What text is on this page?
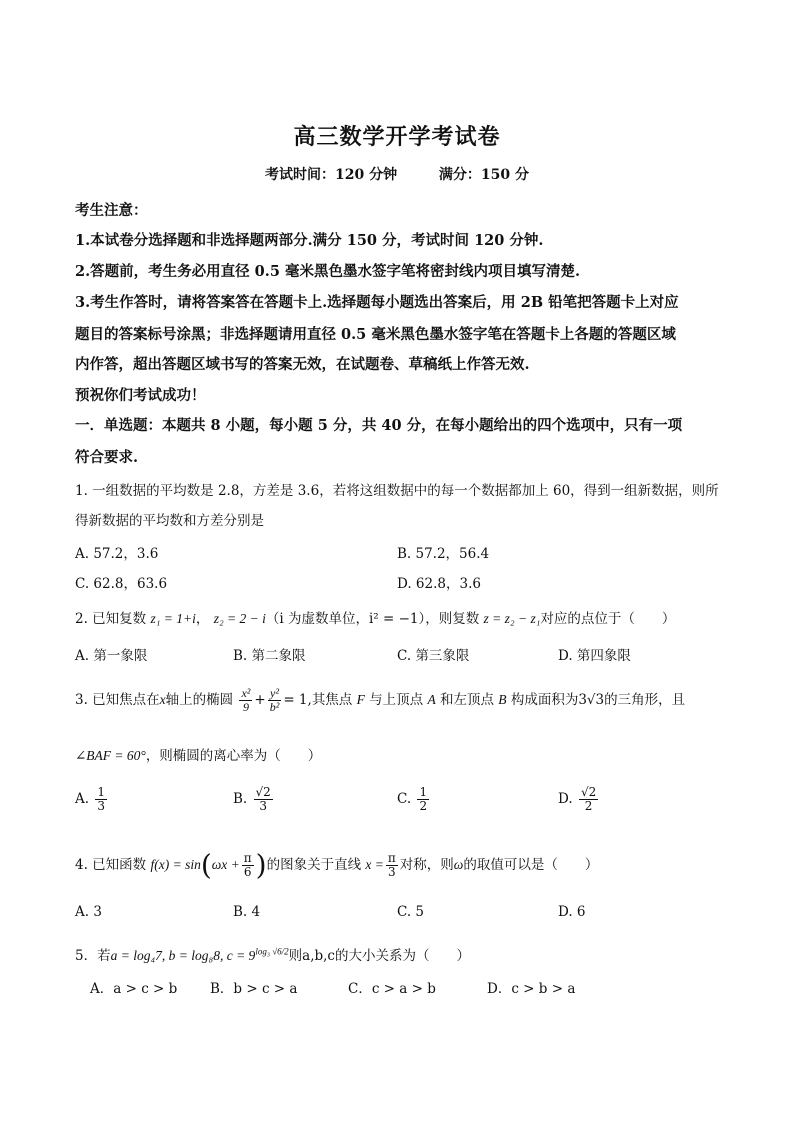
高三数学开学考试卷
考试时间：120 分钟	满分：150 分
考生注意：
1.本试卷分选择题和非选择题两部分.满分 150 分，考试时间 120 分钟.
2.答题前，考生务必用直径 0.5 毫米黑色墨水签字笔将密封线内项目填写清楚.
3.考生作答时，请将答案答在答题卡上.选择题每小题选出答案后，用 2B 铅笔把答题卡上对应
题目的答案标号涂黑；非选择题请用直径 0.5 毫米黑色墨水签字笔在答题卡上各题的答题区域
内作答，超出答题区域书写的答案无效，在试题卷、草稿纸上作答无效.
预祝你们考试成功！
一．单选题：本题共 8 小题，每小题 5 分，共 40 分，在每小题给出的四个选项中，只有一项
符合要求.
1. 一组数据的平均数是 2.8，方差是 3.6，若将这组数据中的每一个数据都加上 60，得到一组新数据，则所
得新数据的平均数和方差分别是
A. 57.2，3.6	B. 57.2，56.4
C. 62.8，63.6	D. 62.8，3.6
2. 已知复数 z₁ = 1+i， z₂ = 2 − i（i 为虚数单位，i² = −1），则复数 z = z₂ − z₁对应的点位于（　　）
A. 第一象限	B. 第二象限	C. 第三象限	D. 第四象限
3. 已知焦点在x轴上的椭圆 $\frac{\text{x²}}{9} + \frac{\text{y²}}{\text{b²}} = 1$,其焦点 F 与上顶点 A 和左顶点 B 构成面积为3√3的三角形，且
∠BAF = 60°，则椭圆的离心率为（　　）
A. $\frac{1}{3}$	B. $\frac{√2}{3}$	C. $\frac{1}{2}$	D. $\frac{√2}{2}$
4. 已知函数 $f(x) = \sin(\omega x + \frac{\pi}{6}$ )的图象关于直线 $x = \frac{\pi}{3}$ 对称，则ω的取值可以是（　　）
A. 3	B. 4	C. 5	D. 6
5．若a = log₄7, b = log₈8, $c = 9^{log_3 √6/2}$则a,b,c的大小关系为（　　）
A．a > c > b B．b > c > a	C．c > a > b	D．c > b > a
